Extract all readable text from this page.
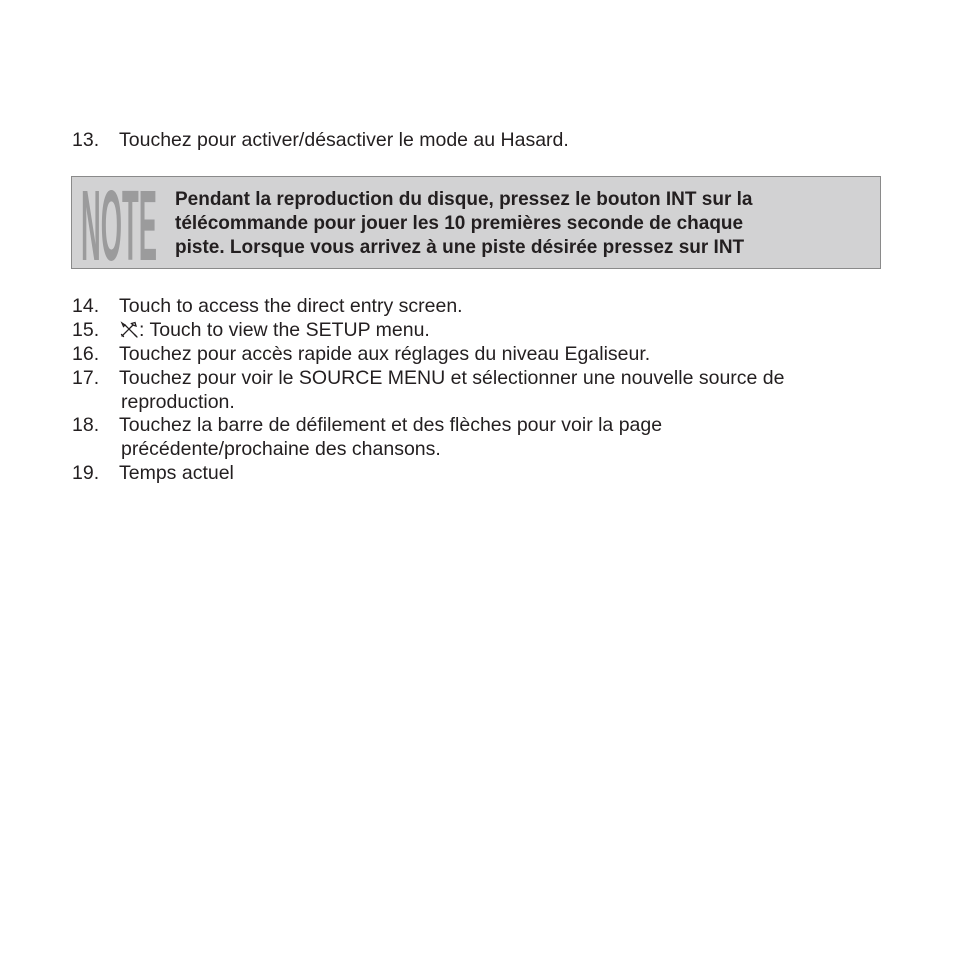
13. Touchez pour activer/désactiver le mode au Hasard.
NOTE Pendant la reproduction du disque, pressez le bouton INT sur la
télécommande pour jouer les 10 premières seconde de chaque
piste. Lorsque vous arrivez à une piste désirée pressez sur INT
14. Touch to access the direct entry screen.
15.	: Touch to view the SETUP menu.
16. Touchez pour accès rapide aux réglages du niveau Egaliseur.
17. Touchez pour voir le SOURCE MENU et sélectionner une nouvelle source de
reproduction.
18. Touchez la barre de défilement et des flèches pour voir la page
précédente/prochaine des chansons.
19. Temps actuel
